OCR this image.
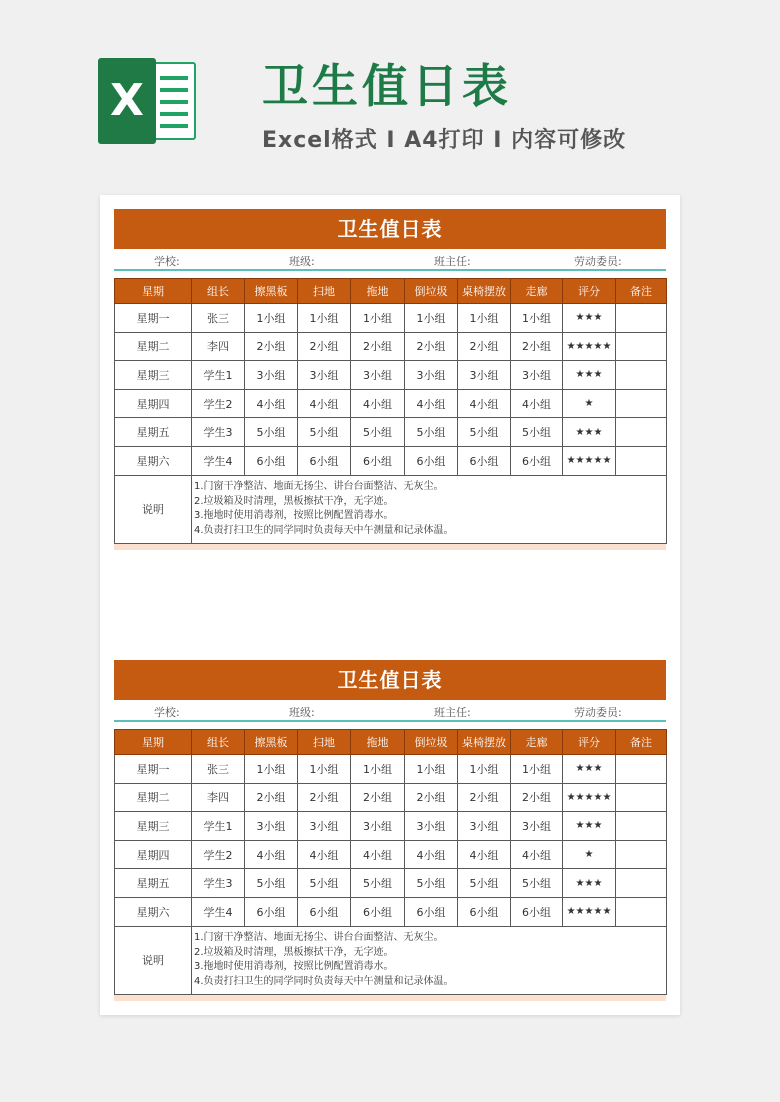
X	卫生值日表
Excel格式 I A4打印 I 内容可修改
卫生值日表
学校:	班级:	班主任:	劳动委员:
星期	组长	擦黑板	扫地	拖地	倒垃圾	桌椅摆放	走廊	评分	备注
星期一	张三	1小组	1小组	1小组	1小组	1小组	1小组	★★★	
星期二	李四	2小组	2小组	2小组	2小组	2小组	2小组	★★★★★	
星期三	学生1	3小组	3小组	3小组	3小组	3小组	3小组	★★★	
星期四	学生2	4小组	4小组	4小组	4小组	4小组	4小组	★	
星期五	学生3	5小组	5小组	5小组	5小组	5小组	5小组	★★★	
星期六	学生4	6小组	6小组	6小组	6小组	6小组	6小组	★★★★★	
说明	1.门窗干净整洁、地面无扬尘、讲台台面整洁、无灰尘。
2.垃圾箱及时清理，黑板擦拭干净，无字迹。
3.拖地时使用消毒剂，按照比例配置消毒水。
4.负责打扫卫生的同学同时负责每天中午测量和记录体温。								
卫生值日表
学校:	班级:	班主任:	劳动委员:
星期	组长	擦黑板	扫地	拖地	倒垃圾	桌椅摆放	走廊	评分	备注
星期一	张三	1小组	1小组	1小组	1小组	1小组	1小组	★★★	
星期二	李四	2小组	2小组	2小组	2小组	2小组	2小组	★★★★★	
星期三	学生1	3小组	3小组	3小组	3小组	3小组	3小组	★★★	
星期四	学生2	4小组	4小组	4小组	4小组	4小组	4小组	★	
星期五	学生3	5小组	5小组	5小组	5小组	5小组	5小组	★★★	
星期六	学生4	6小组	6小组	6小组	6小组	6小组	6小组	★★★★★	
说明	1.门窗干净整洁、地面无扬尘、讲台台面整洁、无灰尘。
2.垃圾箱及时清理，黑板擦拭干净，无字迹。
3.拖地时使用消毒剂，按照比例配置消毒水。
4.负责打扫卫生的同学同时负责每天中午测量和记录体温。								
